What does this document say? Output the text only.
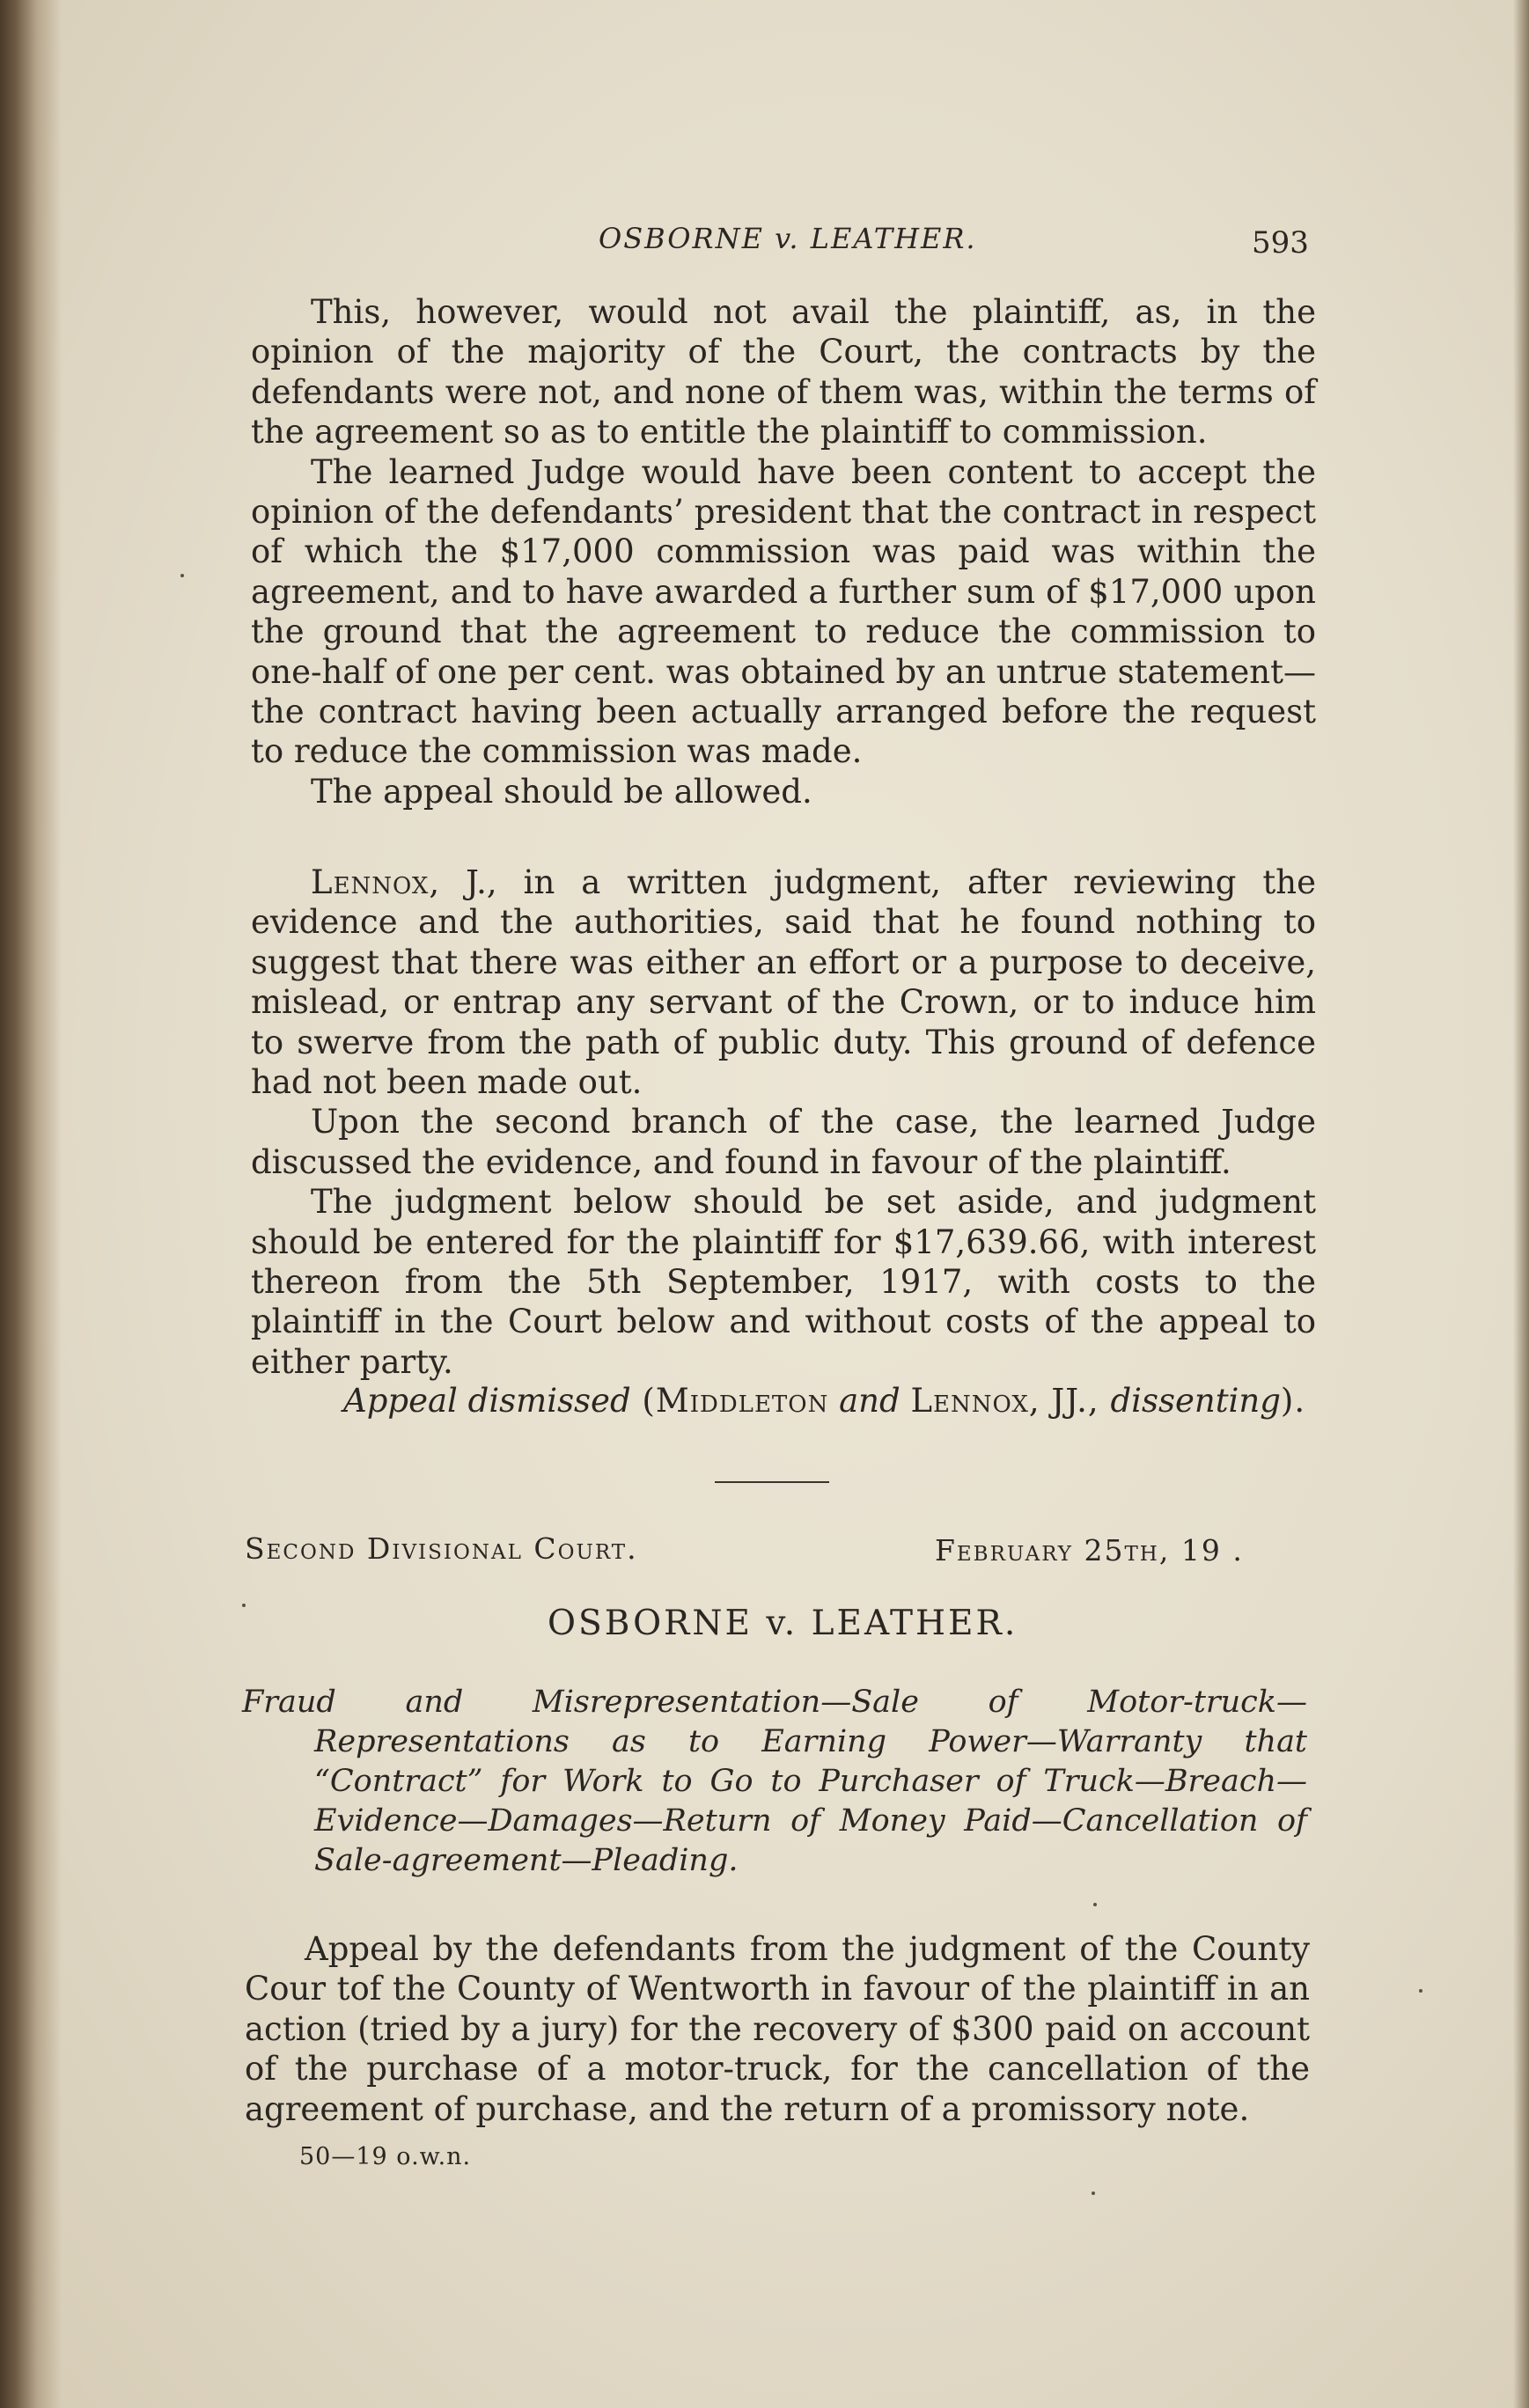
OSBORNE v. LEATHER.	593

This, however, would not avail the plaintiff, as, in the opinion of the majority of the Court, the contracts by the defendants were not, and none of them was, within the terms of the agreement so as to entitle the plaintiff to commission.

The learned Judge would have been content to accept the opinion of the defendants’ president that the contract in respect of which the $17,000 commission was paid was within the agreement, and to have awarded a further sum of $17,000 upon the ground that the agreement to reduce the commission to one-half of one per cent. was obtained by an untrue statement—the contract having been actually arranged before the request to reduce the commission was made.

The appeal should be allowed.

Lennox, J., in a written judgment, after reviewing the evidence and the authorities, said that he found nothing to suggest that there was either an effort or a purpose to deceive, mislead, or entrap any servant of the Crown, or to induce him to swerve from the path of public duty. This ground of defence had not been made out.

Upon the second branch of the case, the learned Judge discussed the evidence, and found in favour of the plaintiff.

The judgment below should be set aside, and judgment should be entered for the plaintiff for $17,639.66, with interest thereon from the 5th September, 1917, with costs to the plaintiff in the Court below and without costs of the appeal to either party.

Appeal dismissed (Middleton and Lennox, JJ., dissenting).
Second Divisional Court.	February 25th, 19 .
OSBORNE v. LEATHER.

Fraud and Misrepresentation—Sale of Motor-truck—Representations as to Earning Power—Warranty that “Contract” for Work to Go to Purchaser of Truck—Breach—Evidence—Damages—Return of Money Paid—Cancellation of Sale-agreement—Pleading.

Appeal by the defendants from the judgment of the County Cour tof the County of Wentworth in favour of the plaintiff in an action (tried by a jury) for the recovery of $300 paid on account of the purchase of a motor-truck, for the cancellation of the agreement of purchase, and the return of a promissory note.

50—19 o.w.n.
